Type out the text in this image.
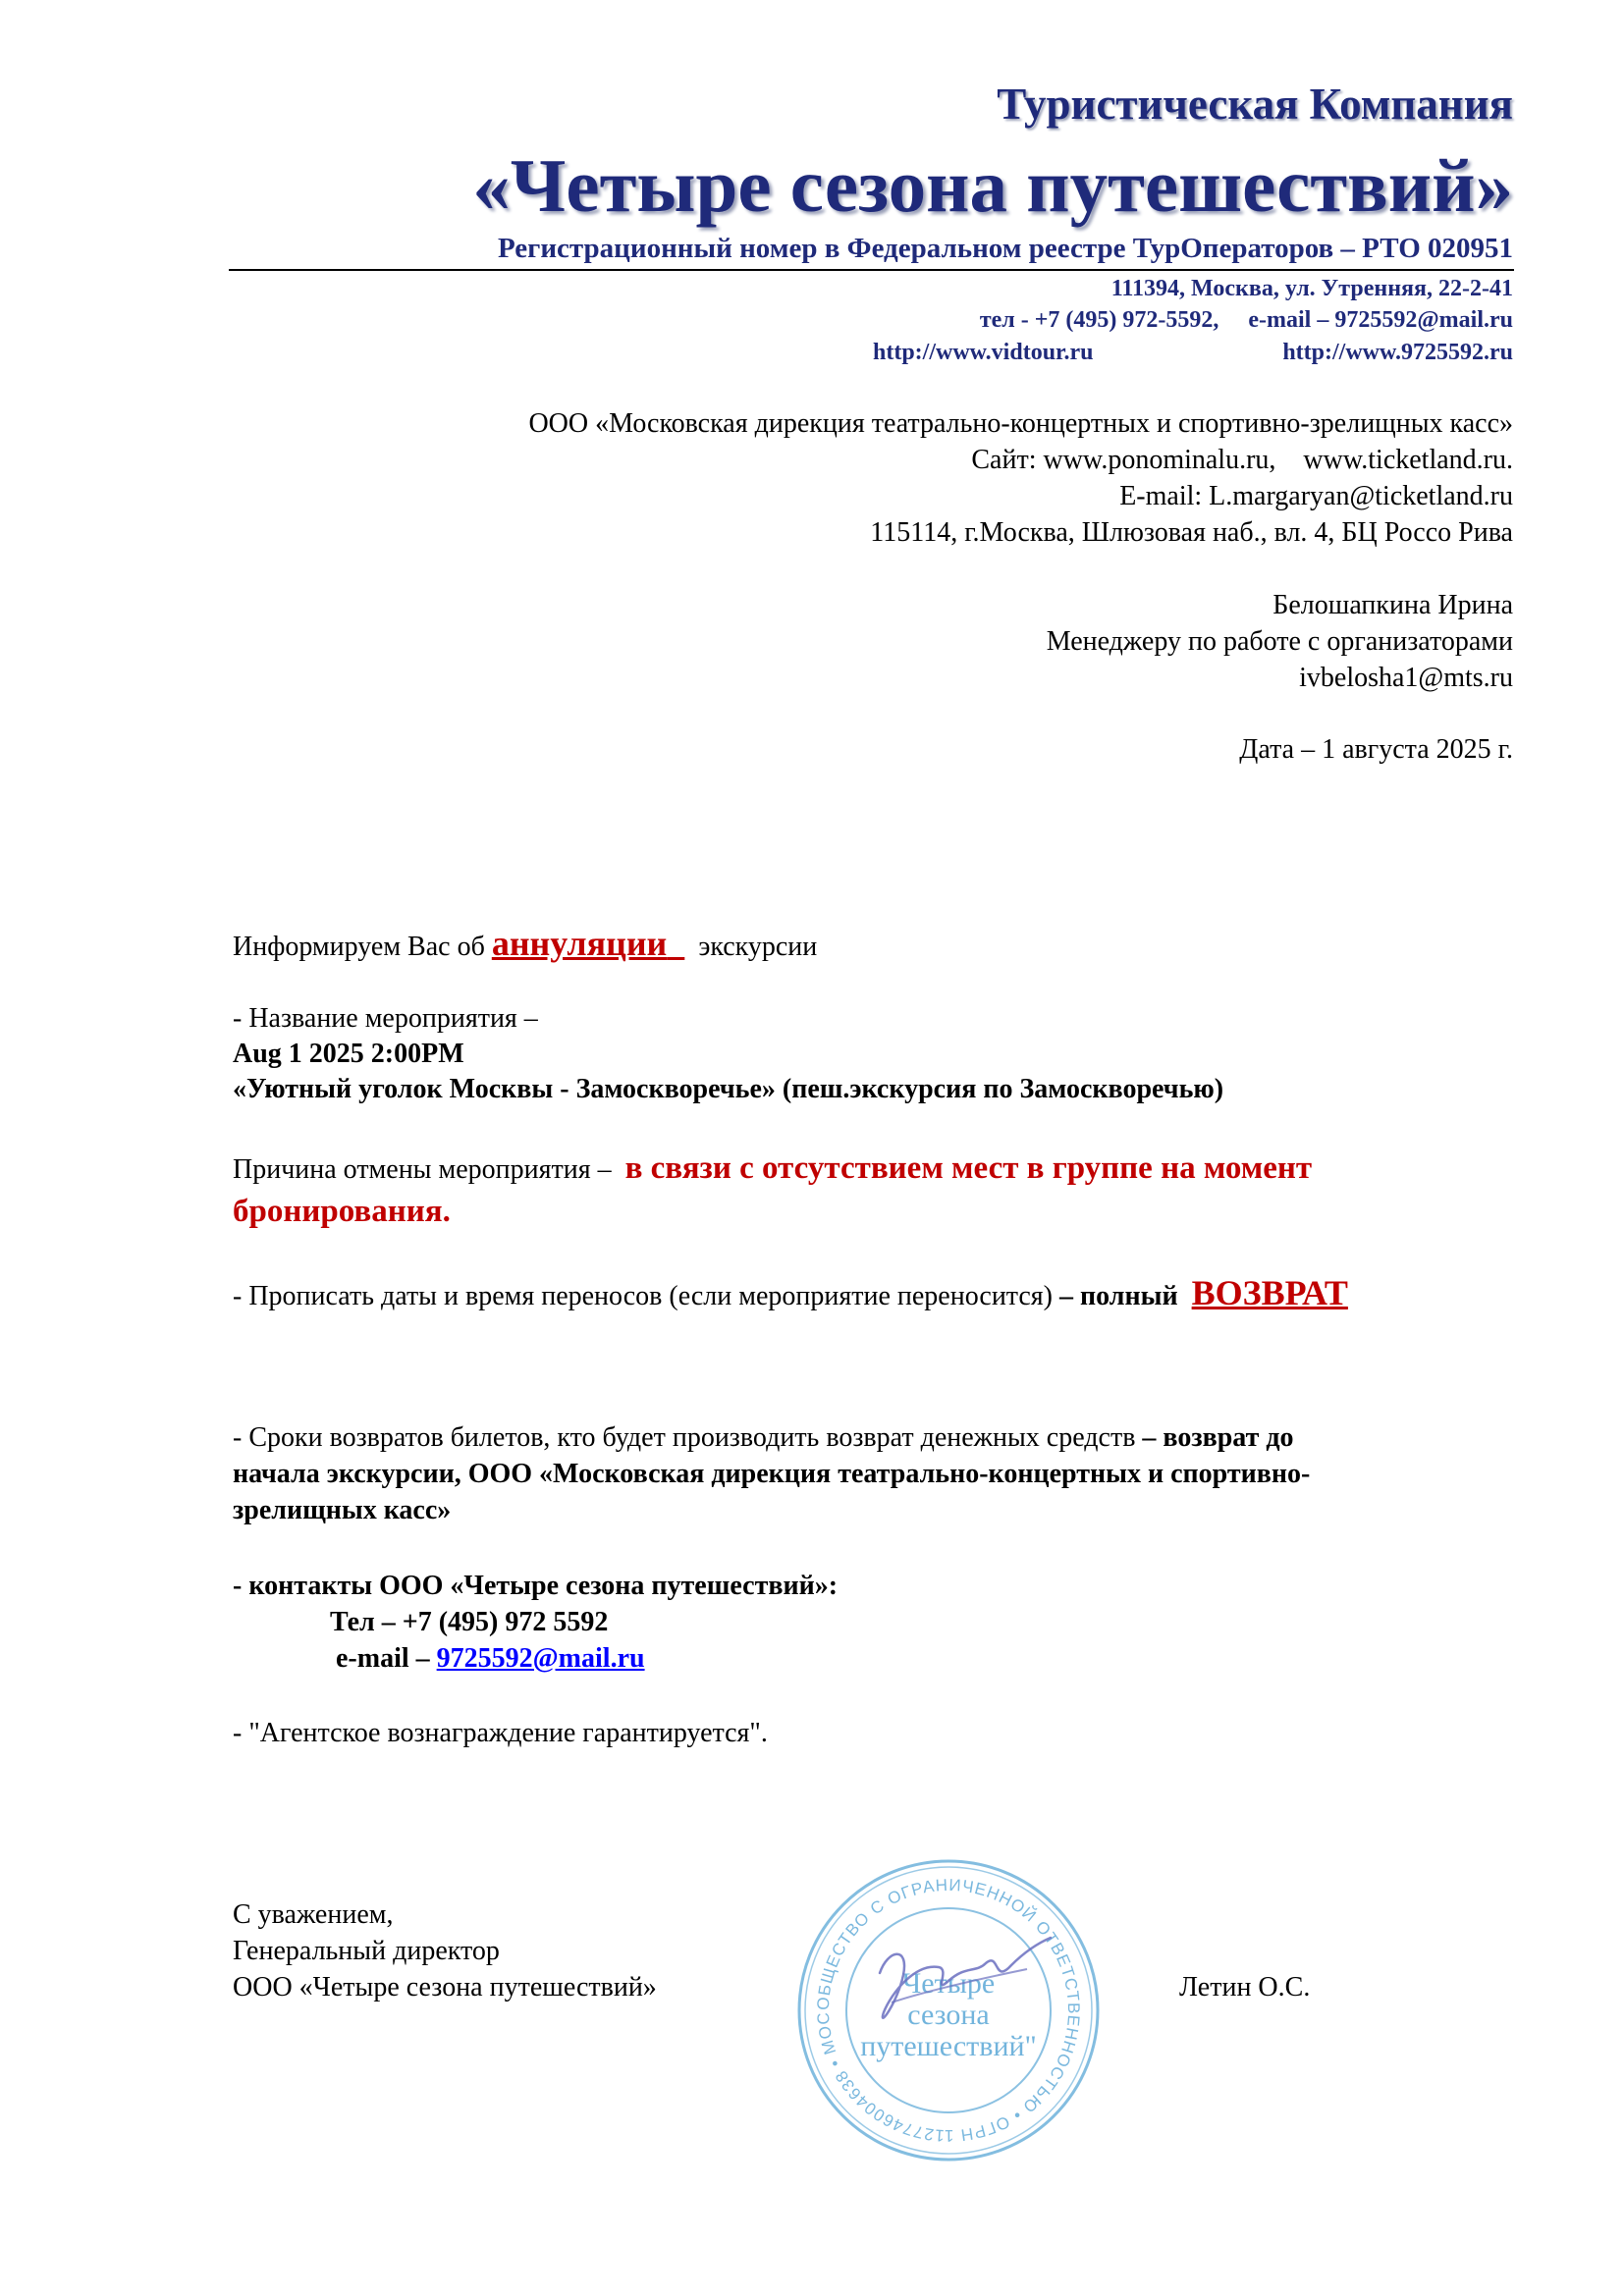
Туристическая Компания
«Четыре сезона путешествий»
Регистрационный номер в Федеральном реестре ТурОператоров – РТО 020951
111394, Москва, ул. Утренняя, 22-2-41
тел - +7 (495) 972-5592, e-mail – 9725592@mail.ru
http://www.vidtour.ru	http://www.9725592.ru
ООО «Московская дирекция театрально-концертных и спортивно-зрелищных касс»
Сайт: www.ponominalu.ru, www.ticketland.ru.
E-mail: L.margaryan@ticketland.ru
115114, г.Москва, Шлюзовая наб., вл. 4, БЦ Россо Рива
Белошапкина Ирина
Менеджеру по работе с организаторами
ivbelosha1@mts.ru
Дата – 1 августа 2025 г.
Информируем Вас об аннуляции экскурсии
- Название мероприятия –
Aug 1 2025 2:00PM
«Уютный уголок Москвы - Замоскворечье» (пеш.экскурсия по Замоскворечью)
Причина отмены мероприятия – в связи с отсутствием мест в группе на момент
бронирования.
- Прописать даты и время переносов (если мероприятие переносится) – полный ВОЗВРАТ
- Сроки возвратов билетов, кто будет производить возврат денежных средств – возврат до
начала экскурсии, ООО «Московская дирекция театрально-концертных и спортивно-
зрелищных касс»
- контакты ООО «Четыре сезона путешествий»:
Тел – +7 (495) 972 5592
e-mail – 9725592@mail.ru
- "Агентское вознаграждение гарантируется".
С уважением,
Генеральный директор
ООО «Четыре сезона путешествий»	Летин О.С.
ОБЩЕСТВО С ОГРАНИЧЕННОЙ ОТВЕТСТВЕННОСТЬЮ • ОГРН 1127746004638 • МОС
Четыре
сезона
путешествий"
